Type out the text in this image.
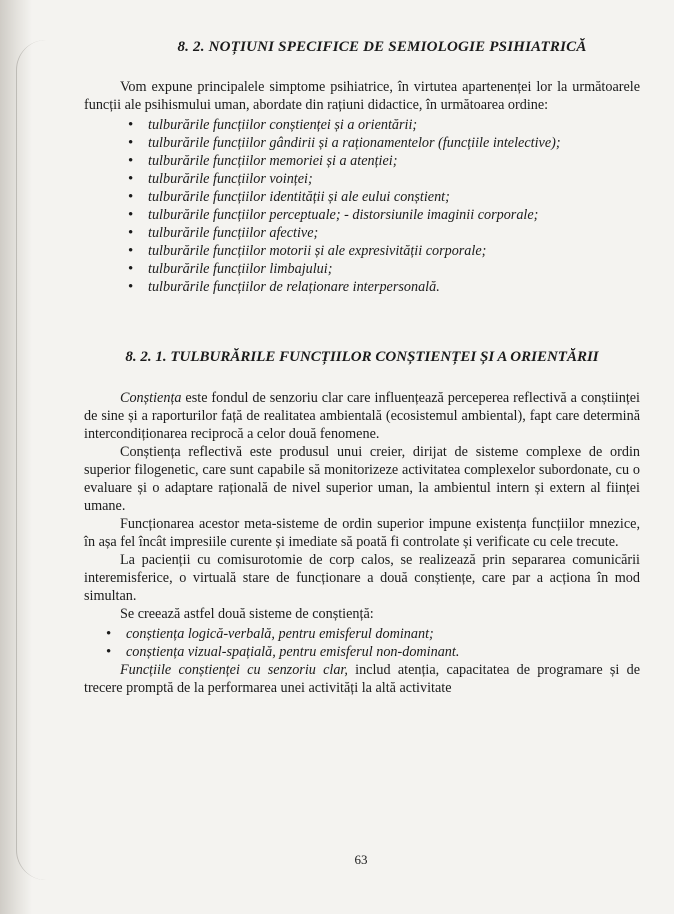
8. 2. NOȚIUNI SPECIFICE DE SEMIOLOGIE PSIHIATRICĂ

Vom expune principalele simptome psihiatrice, în virtutea apartenenței lor la următoarele funcții ale psihismului uman, abordate din rațiuni didactice, în următoarea ordine:

• tulburările funcțiilor conștienței și a orientării;
• tulburările funcțiilor gândirii și a raționamentelor (funcțiile intelective);
• tulburările funcțiilor memoriei și a atenției;
• tulburările funcțiilor voinței;
• tulburările funcțiilor identității și ale eului conștient;
• tulburările funcțiilor perceptuale; - distorsiunile imaginii corporale;
• tulburările funcțiilor afective;
• tulburările funcțiilor motorii și ale expresivității corporale;
• tulburările funcțiilor limbajului;
• tulburările funcțiilor de relaționare interpersonală.
8. 2. 1. TULBURĂRILE FUNCȚIILOR CONȘTIENȚEI ȘI A ORIENTĂRII

Conștiența este fondul de senzoriu clar care influențează perceperea reflectivă a conștiinței de sine și a raporturilor față de realitatea ambientală (ecosistemul ambiental), fapt care determină intercondiționarea reciprocă a celor două fenomene.

Conștiența reflectivă este produsul unui creier, dirijat de sisteme complexe de ordin superior filogenetic, care sunt capabile să monitorizeze activitatea complexelor subordonate, cu o evaluare și o adaptare rațională de nivel superior uman, la ambientul intern și extern al ființei umane.

Funcționarea acestor meta-sisteme de ordin superior impune existența funcțiilor mnezice, în așa fel încât impresiile curente și imediate să poată fi controlate și verificate cu cele trecute.

La pacienții cu comisurotomie de corp calos, se realizează prin separarea comunicării interemisferice, o virtuală stare de funcționare a două conștiențe, care par a acționa în mod simultan.

Se creează astfel două sisteme de conștiență:

• conștiența logică-verbală, pentru emisferul dominant;
• conștiența vizual-spațială, pentru emisferul non-dominant.

Funcțiile conștienței cu senzoriu clar, includ atenția, capacitatea de programare și de trecere promptă de la performarea unei activități la altă activitate

63
